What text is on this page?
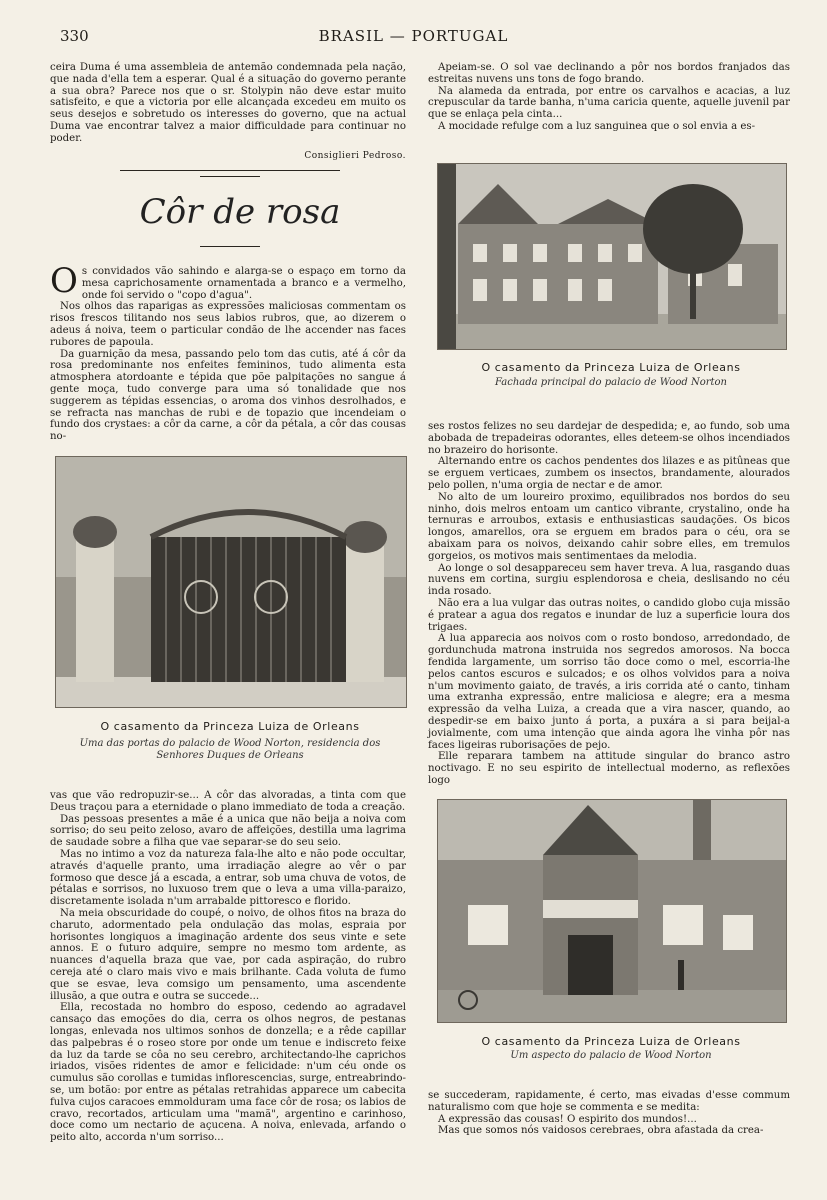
330	BRASIL — PORTUGAL

ceira Duma é uma assembleia de antemão condemnada pela nação, que nada d'ella tem a esperar. Qual é a situação do governo perante a sua obra? Parece nos que o sr. Stolypin não deve estar muito satisfeito, e que a victoria por elle alcançada excedeu em muito os seus desejos e sobretudo os interesses do governo, que na actual Duma vae encontrar talvez a maior difficuldade para continuar no poder.

Consiglieri Pedroso.
Côr de rosa

Os convidados vão sahindo e alarga-se o espaço em torno da mesa caprichosamente ornamentada a branco e a vermelho, onde foi servido o "copo d'agua".

Nos olhos das raparigas as expressões maliciosas commentam os risos frescos tilitando nos seus labios rubros, que, ao dizerem o adeus á noiva, teem o particular condão de lhe accender nas faces rubores de papoula.

Da guarnição da mesa, passando pelo tom das cutis, até á côr da rosa predominante nos enfeites femininos, tudo alimenta esta atmosphera atordoante e tépida que põe palpitações no sangue á gente moça, tudo converge para uma só tonalidade que nos suggerem as tépidas essencias, o aroma dos vinhos desrolhados, e se refracta nas manchas de rubi e de topazio que incendeiam o fundo dos crystaes: a côr da carne, a côr da pétala, a côr das cousas no-

O casamento da Princeza Luiza de Orleans
Uma das portas do palacio de Wood Norton, residencia dos Senhores Duques de Orleans

vas que vão redropuzir-se... A côr das alvoradas, a tinta com que Deus traçou para a eternidade o plano immediato de toda a creação.

Das pessoas presentes a mãe é a unica que não beija a noiva com sorriso; do seu peito zeloso, avaro de affeições, destilla uma lagrima de saudade sobre a filha que vae separar-se do seu seio.

Mas no intimo a voz da natureza fala-lhe alto e não pode occultar, através d'aquelle pranto, uma irradiação alegre ao vêr o par formoso que desce já a escada, a entrar, sob uma chuva de votos, de pétalas e sorrisos, no luxuoso trem que o leva a uma villa-paraizo, discretamente isolada n'um arrabalde pittoresco e florido.

Na meia obscuridade do coupé, o noivo, de olhos fitos na braza do charuto, adormentado pela ondulação das molas, espraia por horisontes longiquos a imaginação ardente dos seus vinte e sete annos. E o futuro adquire, sempre no mesmo tom ardente, as nuances d'aquella braza que vae, por cada aspiração, do rubro cereja até o claro mais vivo e mais brilhante. Cada voluta de fumo que se esvae, leva comsigo um pensamento, uma ascendente illusão, a que outra e outra se succede...

Ella, recostada no hombro do esposo, cedendo ao agradavel cansaço das emoções do dia, cerra os olhos negros, de pestanas longas, enlevada nos ultimos sonhos de donzella; e a rêde capillar das palpebras é o roseo store por onde um tenue e indiscreto feixe da luz da tarde se côa no seu cerebro, architectando-lhe caprichos iriados, visões ridentes de amor e felicidade: n'um céu onde os cumulus são corollas e tumidas inflorescencias, surge, entreabrindo-se, um botão: por entre as pétalas retrahidas apparece um cabecita fulva cujos caracoes emmolduram uma face côr de rosa; os labios de cravo, recortados, articulam uma "mamã", argentino e carinhoso, doce como um nectario de açucena. A noiva, enlevada, arfando o peito alto, accorda n'um sorriso...

Apeiam-se. O sol vae declinando a pôr nos bordos franjados das estreitas nuvens uns tons de fogo brando.

Na alameda da entrada, por entre os carvalhos e acacias, a luz crepuscular da tarde banha, n'uma caricia quente, aquelle juvenil par que se enlaça pela cinta...

A mocidade refulge com a luz sanguinea que o sol envia a es-

O casamento da Princeza Luiza de Orleans
Fachada principal do palacio de Wood Norton

ses rostos felizes no seu dardejar de despedida; e, ao fundo, sob uma abobada de trepadeiras odorantes, elles deteem-se olhos incendiados no brazeiro do horisonte.

Alternando entre os cachos pendentes dos lilazes e as pitûneas que se erguem verticaes, zumbem os insectos, brandamente, alourados pelo pollen, n'uma orgia de nectar e de amor.

No alto de um loureiro proximo, equilibrados nos bordos do seu ninho, dois melros entoam um cantico vibrante, crystalino, onde ha ternuras e arroubos, extasis e enthusiasticas saudações. Os bicos longos, amarellos, ora se erguem em brados para o céu, ora se abaixam para os noivos, deixando cahir sobre elles, em tremulos gorgeios, os motivos mais sentimentaes da melodia.

Ao longe o sol desappareceu sem haver treva. A lua, rasgando duas nuvens em cortina, surgiu esplendorosa e cheia, deslisando no céu inda rosado.

Não era a lua vulgar das outras noites, o candido globo cuja missão é pratear a agua dos regatos e inundar de luz a superficie loura dos trigaes.

A lua apparecia aos noivos com o rosto bondoso, arredondado, de gordunchuda matrona instruida nos segredos amorosos. Na bocca fendida largamente, um sorriso tão doce como o mel, escorria-lhe pelos cantos escuros e sulcados; e os olhos volvidos para a noiva n'um movimento gaiato, de través, a iris corrida até o canto, tinham uma extranha expressão, entre maliciosa e alegre; era a mesma expressão da velha Luiza, a creada que a vira nascer, quando, ao despedir-se em baixo junto á porta, a puxára a si para beijal-a jovialmente, com uma intenção que ainda agora lhe vinha pôr nas faces ligeiras ruborisações de pejo.

Elle reparara tambem na attitude singular do branco astro noctivago. E no seu espirito de intellectual moderno, as reflexões logo

O casamento da Princeza Luiza de Orleans
Um aspecto do palacio de Wood Norton

se succederam, rapidamente, é certo, mas eivadas d'esse commum naturalismo com que hoje se commenta e se medita:

A expressão das cousas! O espirito dos mundos!...

Mas que somos nós vaidosos cerebraes, obra afastada da crea-
